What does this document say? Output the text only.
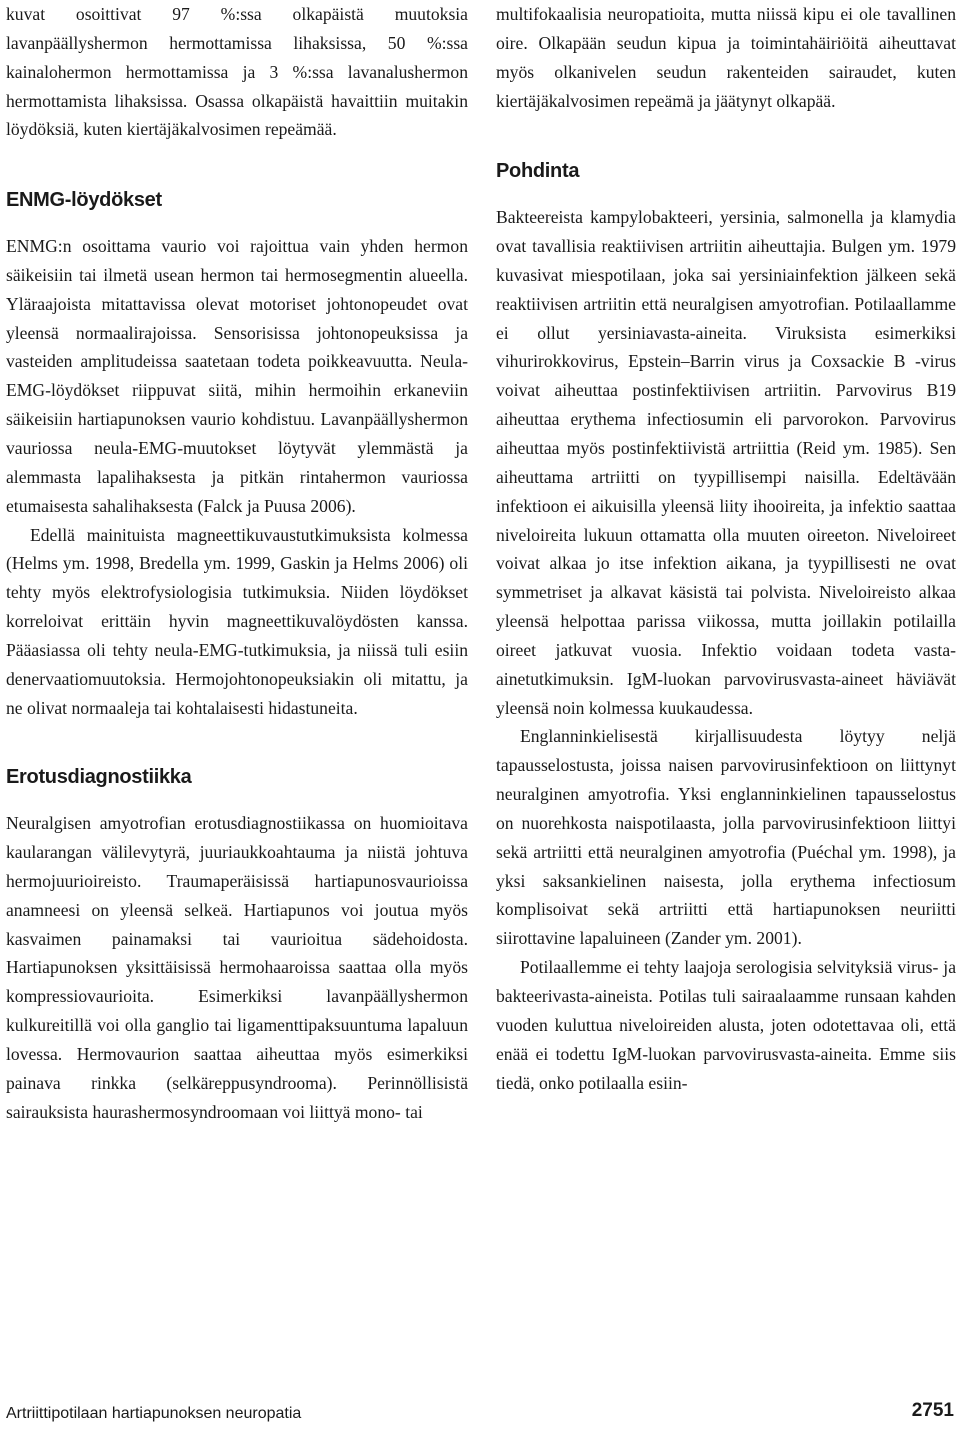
kuvat osoittivat 97 %:ssa olkapäistä muutoksia lavanpäällyshermon hermottamissa lihaksissa, 50 %:ssa kainalohermon hermottamissa ja 3 %:ssa lavanalushermon hermottamista lihaksissa. Osassa olkapäistä havaittiin muitakin löydöksiä, kuten kiertäjäkalvosimen repeämää.

ENMG-löydökset

ENMG:n osoittama vaurio voi rajoittua vain yhden hermon säikeisiin tai ilmetä usean hermon tai hermosegmentin alueella. Yläraajoista mitattavissa olevat motoriset johtonopeudet ovat yleensä normaalirajoissa. Sensorisissa johtonopeuksissa ja vasteiden amplitudeissa saatetaan todeta poikkeavuutta. Neula-EMG-löydökset riippuvat siitä, mihin hermoihin erkaneviin säikeisiin hartiapunoksen vaurio kohdistuu. Lavanpäällyshermon vauriossa neula-EMG-muutokset löytyvät ylemmästä ja alemmasta lapalihaksesta ja pitkän rintahermon vauriossa etumaisesta sahalihaksesta (Falck ja Puusa 2006).

Edellä mainituista magneettikuvaustutkimuksista kolmessa (Helms ym. 1998, Bredella ym. 1999, Gaskin ja Helms 2006) oli tehty myös elektrofysiologisia tutkimuksia. Niiden löydökset korreloivat erittäin hyvin magneettikuvalöydösten kanssa. Pääasiassa oli tehty neula-EMG-tutkimuksia, ja niissä tuli esiin denervaatiomuutoksia. Hermojohtonopeuksiakin oli mitattu, ja ne olivat normaaleja tai kohtalaisesti hidastuneita.

Erotusdiagnostiikka

Neuralgisen amyotrofian erotusdiagnostiikassa on huomioitava kaularangan välilevytyrä, juuriaukkoahtauma ja niistä johtuva hermojuurioireisto. Traumaperäisissä hartiapunosvaurioissa anamneesi on yleensä selkeä. Hartiapunos voi joutua myös kasvaimen painamaksi tai vaurioitua sädehoidosta. Hartiapunoksen yksittäisissä hermohaaroissa saattaa olla myös kompressiovaurioita. Esimerkiksi lavanpäällyshermon kulkureitillä voi olla ganglio tai ligamenttipaksuuntuma lapaluun lovessa. Hermovaurion saattaa aiheuttaa myös esimerkiksi painava rinkka (selkäreppusyndrooma). Perinnöllisistä sairauksista haurashermosyndroomaan voi liittyä mono- tai

multifokaalisia neuropatioita, mutta niissä kipu ei ole tavallinen oire. Olkapään seudun kipua ja toimintahäiriöitä aiheuttavat myös olkanivelen seudun rakenteiden sairaudet, kuten kiertäjäkalvosimen repeämä ja jäätynyt olkapää.

Pohdinta

Bakteereista kampylobakteeri, yersinia, salmonella ja klamydia ovat tavallisia reaktiivisen artriitin aiheuttajia. Bulgen ym. 1979 kuvasivat miespotilaan, joka sai yersiniainfektion jälkeen sekä reaktiivisen artriitin että neuralgisen amyotrofian. Potilaallamme ei ollut yersiniavasta-aineita. Viruksista esimerkiksi vihurirokkovirus, Epstein–Barrin virus ja Coxsackie B -virus voivat aiheuttaa postinfektiivisen artriitin. Parvovirus B19 aiheuttaa erythema infectiosumin eli parvorokon. Parvovirus aiheuttaa myös postinfektiivistä artriittia (Reid ym. 1985). Sen aiheuttama artriitti on tyypillisempi naisilla. Edeltävään infektioon ei aikuisilla yleensä liity ihooireita, ja infektio saattaa niveloireita lukuun ottamatta olla muuten oireeton. Niveloireet voivat alkaa jo itse infektion aikana, ja tyypillisesti ne ovat symmetriset ja alkavat käsistä tai polvista. Niveloireisto alkaa yleensä helpottaa parissa viikossa, mutta joillakin potilailla oireet jatkuvat vuosia. Infektio voidaan todeta vasta-ainetutkimuksin. IgM-luokan parvovirusvasta-aineet häviävät yleensä noin kolmessa kuukaudessa.

Englanninkielisestä kirjallisuudesta löytyy neljä tapausselostusta, joissa naisen parvovirusinfektioon on liittynyt neuralginen amyotrofia. Yksi englanninkielinen tapausselostus on nuorehkosta naispotilaasta, jolla parvovirusinfektioon liittyi sekä artriitti että neuralginen amyotrofia (Puéchal ym. 1998), ja yksi saksankielinen naisesta, jolla erythema infectiosum komplisoivat sekä artriitti että hartiapunoksen neuriitti siirottavine lapaluineen (Zander ym. 2001).

Potilaallemme ei tehty laajoja serologisia selvityksiä virus- ja bakteerivasta-aineista. Potilas tuli sairaalaamme runsaan kahden vuoden kuluttua niveloireiden alusta, joten odotettavaa oli, että enää ei todettu IgM-luokan parvovirusvasta-aineita. Emme siis tiedä, onko potilaalla esiin-

Artriittipotilaan hartiapunoksen neuropatia	2751
